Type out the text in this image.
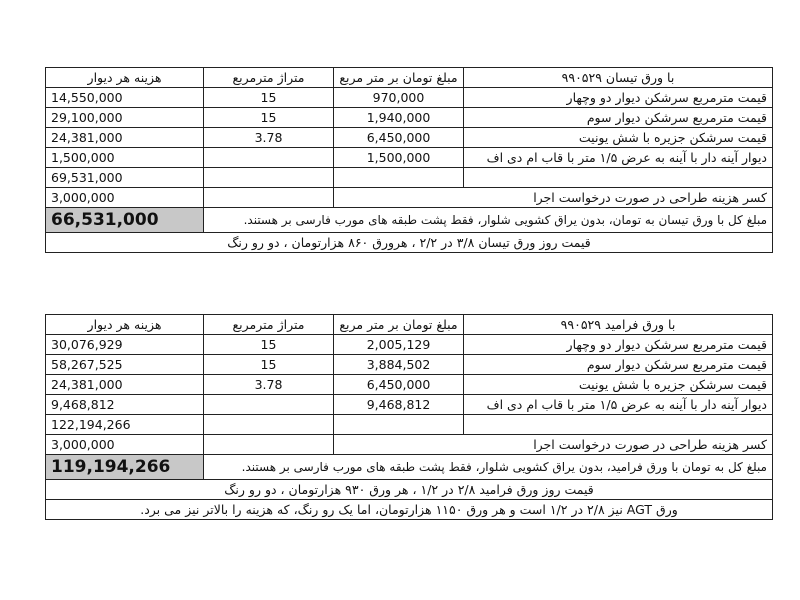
هزینه هر دیوار	متراژ مترمربع	مبلغ تومان بر متر مربع	با ورق تیسان ۹۹۰۵۲۹
14,550,000	15	970,000	قیمت مترمربع سرشکن دیوار دو وچهار
29,100,000	15	1,940,000	قیمت مترمربع سرشکن دیوار سوم
24,381,000	3.78	6,450,000	قیمت سرشکن جزیره با شش یونیت
1,500,000		1,500,000	دیوار آینه دار با آینه به عرض ۱/۵ متر با قاب ام دی اف
69,531,000			
3,000,000		کسر هزینه طراحی در صورت درخواست اجرا	
66,531,000	مبلغ کل با ورق تیسان به تومان، بدون یراق کشویی شلوار، فقط پشت طبقه های مورب فارسی بر هستند.		
قیمت روز ورق تیسان ۳/۸ در ۲/۲ ، هرورق ۸۶۰ هزارتومان ، دو رو رنگ			
هزینه هر دیوار	متراژ مترمربع	مبلغ تومان بر متر مربع	با ورق فرامید ۹۹۰۵۲۹
30,076,929	15	2,005,129	قیمت مترمربع سرشکن دیوار دو وچهار
58,267,525	15	3,884,502	قیمت مترمربع سرشکن دیوار سوم
24,381,000	3.78	6,450,000	قیمت سرشکن جزیره با شش یونیت
9,468,812		9,468,812	دیوار آینه دار با آینه به عرض ۱/۵ متر با قاب ام دی اف
122,194,266			
3,000,000		کسر هزینه طراحی در صورت درخواست اجرا	
119,194,266	مبلغ کل به تومان با ورق فرامید، بدون یراق کشویی شلوار، فقط پشت طبقه های مورب فارسی بر هستند.		
قیمت روز ورق فرامید ۲/۸ در ۱/۲ ، هر ورق ۹۳۰ هزارتومان ، دو رو رنگ			
ورق AGT نیز ۲/۸ در ۱/۲ است و هر ورق ۱۱۵۰ هزارتومان، اما یک رو رنگ، که هزینه را بالاتر نیز می برد.			
